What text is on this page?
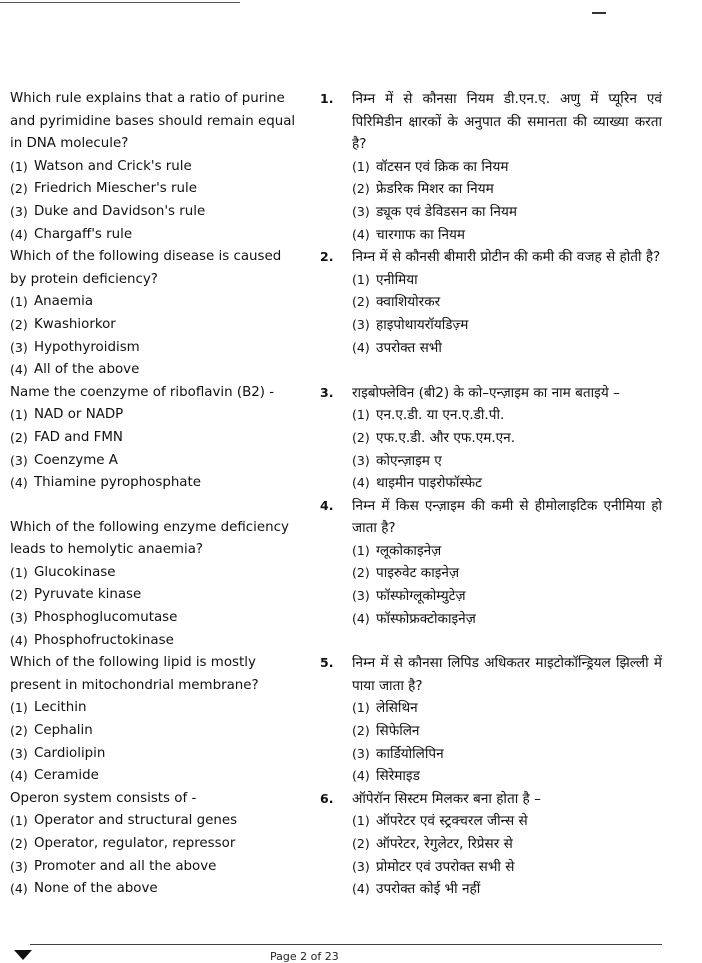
Which rule explains that a ratio of purine and pyrimidine bases should remain equal in DNA molecule?

(1) Watson and Crick's rule
(2) Friedrich Miescher's rule
(3) Duke and Davidson's rule
(4) Chargaff's rule
1.	निम्न में से कौनसा नियम डी.एन.ए. अणु में प्यूरिन एवं पिरिमिडीन क्षारकों के अनुपात की समानता की व्याख्या करता है?

(1) वॉटसन एवं क्रिक का नियम
(2) फ्रेडरिक मिशर का नियम
(3) ड्यूक एवं डेविडसन का नियम
(4) चारगाफ का नियम

Which of the following disease is caused by protein deficiency?

(1) Anaemia
(2) Kwashiorkor
(3) Hypothyroidism
(4) All of the above
2.	निम्न में से कौनसी बीमारी प्रोटीन की कमी की वजह से होती है?

(1) एनीमिया
(2) क्वाशियोरकर
(3) हाइपोथायरॉयडिज़्म
(4) उपरोक्त सभी

Name the coenzyme of riboflavin (B2) -

(1) NAD or NADP
(2) FAD and FMN
(3) Coenzyme A
(4) Thiamine pyrophosphate
3.	राइबोफ्लेविन (बी2) के को–एन्ज़ाइम का नाम बताइये –

(1) एन.ए.डी. या एन.ए.डी.पी.
(2) एफ.ए.डी. और एफ.एम.एन.
(3) कोएन्ज़ाइम ए
(4) थाइमीन पाइरोफॉस्फेट

Which of the following enzyme deficiency leads to hemolytic anaemia?

(1) Glucokinase
(2) Pyruvate kinase
(3) Phosphoglucomutase
(4) Phosphofructokinase
4.	निम्न में किस एन्ज़ाइम की कमी से हीमोलाइटिक एनीमिया हो जाता है?

(1) ग्लूकोकाइनेज़
(2) पाइरुवेट काइनेज़
(3) फॉस्फोग्लूकोम्युटेज़
(4) फॉस्फोफ्रक्टोकाइनेज़

Which of the following lipid is mostly present in mitochondrial membrane?

(1) Lecithin
(2) Cephalin
(3) Cardiolipin
(4) Ceramide
5.	निम्न में से कौनसा लिपिड अधिकतर माइटोकॉन्ड्रियल झिल्ली में पाया जाता है?

(1) लेसिथिन
(2) सिफेलिन
(3) कार्डियोलिपिन
(4) सिरेमाइड

Operon system consists of -

(1) Operator and structural genes
(2) Operator, regulator, repressor
(3) Promoter and all the above
(4) None of the above
6.	ऑपेरॉन सिस्टम मिलकर बना होता है –

(1) ऑपरेटर एवं स्ट्रक्चरल जीन्स से
(2) ऑपरेटर, रेगुलेटर, रिप्रेसर से
(3) प्रोमोटर एवं उपरोक्त सभी से
(4) उपरोक्त कोई भी नहीं
Page 2 of 23
